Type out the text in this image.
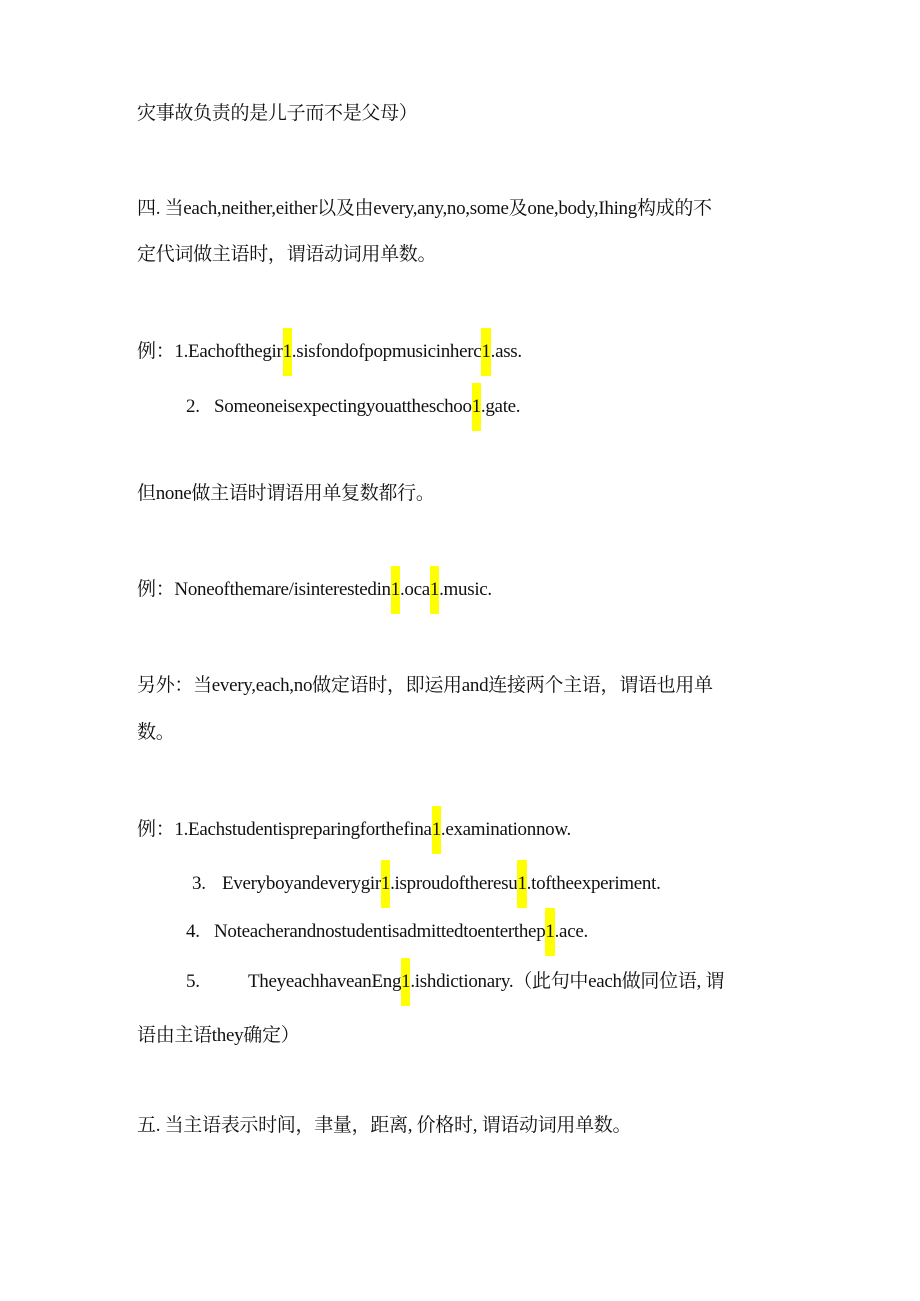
灾事故负责的是儿子而不是父母）
四. 当each,neither,either以及由every,any,no,some及one,body,Ihing构成的不
定代词做主语时，谓语动词用单数。
例：1.Eachofthegir1.sisfondofpopmusicinherc1.ass.
2. Someoneisexpectingyouattheschoo1.gate.
但none做主语时谓语用单复数都行。
例：Noneofthemare/isinterestedin1.oca1.music.
另外：当every,each,no做定语时，即运用and连接两个主语，谓语也用单
数。
例：1.Eachstudentispreparingforthefina1.examinationnow.
3. Everyboyandeverygir1.isproudoftheresu1.toftheexperiment.
4. Noteacherandnostudentisadmittedtoenterthep1.ace.
5.	TheyeachhaveanEng1.ishdictionary.（此句中each做同位语, 谓
语由主语they确定）
五. 当主语表示时间，聿量，距离, 价格时, 谓语动词用单数。
